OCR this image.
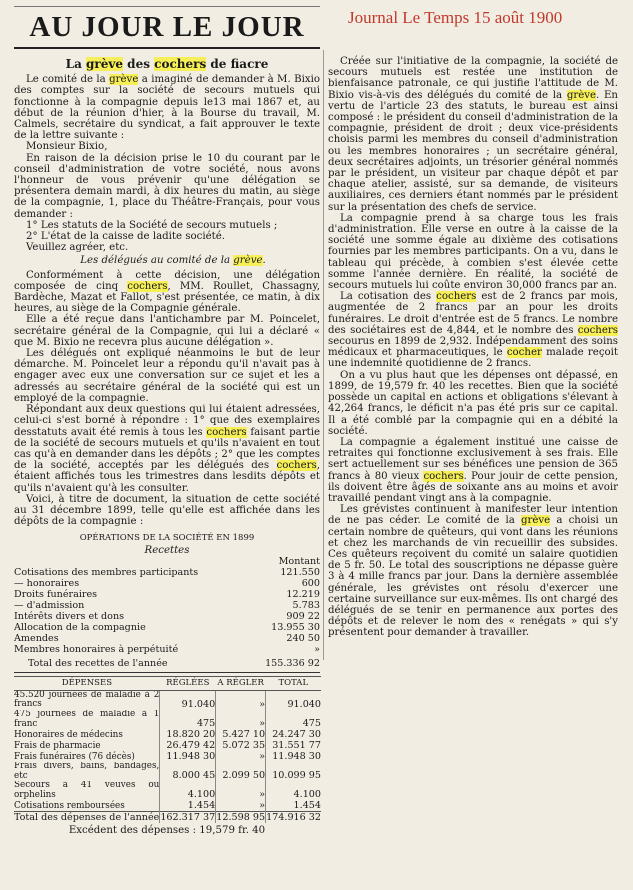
AU JOUR LE JOUR	Journal Le Temps 15 août 1900

La grève des cochers de fiacre

Le comité de la grève a imaginé de demander à M. Bixio des comptes sur la société de secours mutuels qui fonctionne à la compagnie depuis le13 mai 1867 et, au début de la réunion d'hier, à la Bourse du travail, M. Calmels, secrétaire du syndicat, a fait approuver le texte de la lettre suivante :

Monsieur Bixio,

En raison de la décision prise le 10 du courant par le conseil d'administration de votre société, nous avons l'honneur de vous prévenir qu'une délégation se présentera demain mardi, à dix heures du matin, au siège de la compagnie, 1, place du Théâtre-Français, pour vous demander :

1° Les statuts de la Société de secours mutuels ;

2° L'état de la caisse de ladite société.

Veuillez agréer, etc.

Les délégués au comité de la grève.

Conformément à cette décision, une délégation composée de cinq cochers, MM. Roullet, Chassagny, Bardèche, Mazat et Fallot, s'est présentée, ce matin, à dix heures, au siège de la Compagnie générale.

Elle a été reçue dans l'antichambre par M. Poincelet, secrétaire général de la Compagnie, qui lui a déclaré « que M. Bixio ne recevra plus aucune délégation ».

Les délégués ont expliqué néanmoins le but de leur démarche. M. Poincelet leur a répondu qu'il n'avait pas à engager avec eux une conversation sur ce sujet et les a adressés au secrétaire général de la société qui est un employé de la compagnie.

Répondant aux deux questions qui lui étaient adressées, celui-ci s'est borné à répondre : 1° que des exemplaires desstatuts avait été remis à tous les cochers faisant partie de la société de secours mutuels et qu'ils n'avaient en tout cas qu'à en demander dans les dépôts ; 2° que les comptes de la société, acceptés par les délégués des cochers, étaient affichés tous les trimestres dans lesdits dépôts et qu'ils n'avaient qu'à les consulter.

Voici, à titre de document, la situation de cette société au 31 décembre 1899, telle qu'elle est affichée dans les dépôts de la compagnie :

OPÉRATIONS DE LA SOCIÉTÉ EN 1899

Recettes

	Montant
Cotisations des membres participants	121.550
— honoraires	600
Droits funéraires	12.219
— d'admission	5.783
Intérêts divers et dons	909 22
Allocation de la compagnie	13.955 30
Amendes	240 50
Membres honoraires à perpétuité	»
Total des recettes de l'année	155.336 92
DÉPENSES	RÉGLÉES	A RÉGLER	TOTAL
45.520 journées de maladie à 2 francs	91.040	»	91.040
475 journées de maladie à 1 franc	475	»	475
Honoraires de médecins	18.820 20	5.427 10	24.247 30
Frais de pharmacie	26.479 42	5.072 35	31.551 77
Frais funéraires (76 décès)	11.948 30	»	11.948 30
Frais divers, bains, bandages, etc	8.000 45	2.099 50	10.099 95
Secours à 41 veuves ou orphelins	4.100	»	4.100
Cotisations remboursées	1.454	»	1.454
Total des dépenses de l'année	162.317 37	12.598 95	174.916 32

Excédent des dépenses : 19,579 fr. 40

Créée sur l'initiative de la compagnie, la société de secours mutuels est restée une institution de bienfaisance patronale, ce qui justifie l'attitude de M. Bixio vis-à-vis des délégués du comité de la grève. En vertu de l'article 23 des statuts, le bureau est ainsi composé : le président du conseil d'administration de la compagnie, président de droit ; deux vice-présidents choisis parmi les membres du conseil d'administration ou les membres honoraires ; un secrétaire général, deux secrétaires adjoints, un trésorier général nommés par le président, un visiteur par chaque dépôt et par chaque atelier, assisté, sur sa demande, de visiteurs auxiliaires, ces derniers étant nommés par le président sur la présentation des chefs de service.

La compagnie prend à sa charge tous les frais d'administration. Elle verse en outre à la caisse de la société une somme égale au dixième des cotisations fournies par les membres participants. On a vu, dans le tableau qui précède, à combien s'est élevée cette somme l'année dernière. En réalité, la société de secours mutuels lui coûte environ 30,000 francs par an.

La cotisation des cochers est de 2 francs par mois, augmentée de 2 francs par an pour les droits funéraires. Le droit d'entrée est de 5 francs. Le nombre des sociétaires est de 4,844, et le nombre des cochers secourus en 1899 de 2,932. Indépendamment des soins médicaux et pharmaceutiques, le cocher malade reçoit une indemnité quotidienne de 2 francs.

On a vu plus haut que les dépenses ont dépassé, en 1899, de 19,579 fr. 40 les recettes. Bien que la société possède un capital en actions et obligations s'élevant à 42,264 francs, le déficit n'a pas été pris sur ce capital. Il a été comblé par la compagnie qui en a débité la société.

La compagnie a également institué une caisse de retraites qui fonctionne exclusivement à ses frais. Elle sert actuellement sur ses bénéfices une pension de 365 francs à 80 vieux cochers. Pour jouir de cette pension, ils doivent être âgés de soixante ans au moins et avoir travaillé pendant vingt ans à la compagnie.

Les grévistes continuent à manifester leur intention de ne pas céder. Le comité de la grève a choisi un certain nombre de quêteurs, qui vont dans les réunions et chez les marchands de vin recueillir des subsides. Ces quêteurs reçoivent du comité un salaire quotidien de 5 fr. 50. Le total des souscriptions ne dépasse guère 3 à 4 mille francs par jour. Dans la dernière assemblée générale, les grévistes ont résolu d'exercer une certaine surveillance sur eux-mêmes. Ils ont chargé des délégués de se tenir en permanence aux portes des dépôts et de relever le nom des « renégats » qui s'y présentent pour demander à travailler.
